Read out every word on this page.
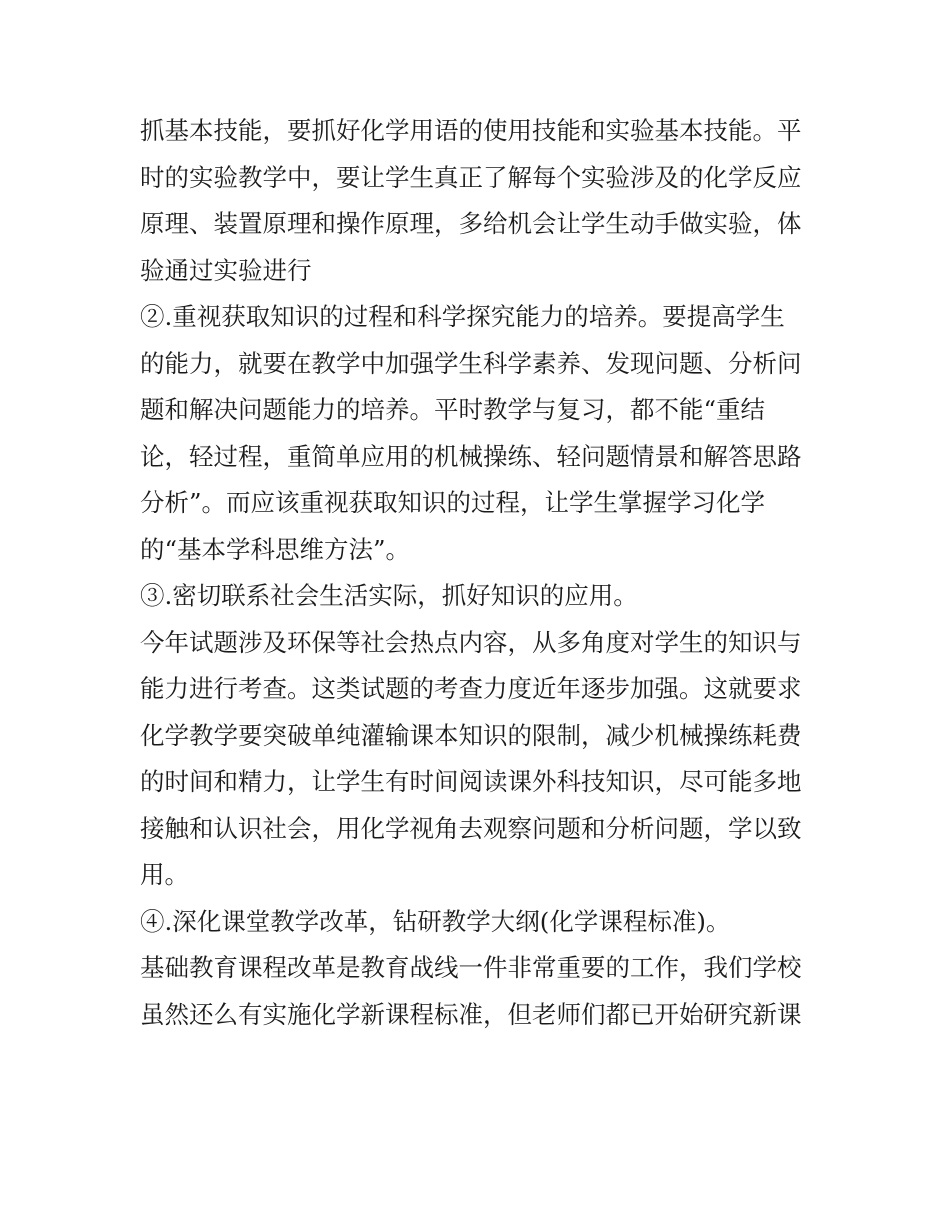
抓基本技能，要抓好化学用语的使用技能和实验基本技能。平
时的实验教学中，要让学生真正了解每个实验涉及的化学反应
原理、装置原理和操作原理，多给机会让学生动手做实验，体
验通过实验进行
②.重视获取知识的过程和科学探究能力的培养。要提高学生
的能力，就要在教学中加强学生科学素养、发现问题、分析问
题和解决问题能力的培养。平时教学与复习，都不能“重结
论，轻过程，重简单应用的机械操练、轻问题情景和解答思路
分析”。而应该重视获取知识的过程，让学生掌握学习化学
的“基本学科思维方法”。
③.密切联系社会生活实际，抓好知识的应用。
今年试题涉及环保等社会热点内容，从多角度对学生的知识与
能力进行考查。这类试题的考查力度近年逐步加强。这就要求
化学教学要突破单纯灌输课本知识的限制，减少机械操练耗费
的时间和精力，让学生有时间阅读课外科技知识，尽可能多地
接触和认识社会，用化学视角去观察问题和分析问题，学以致
用。
④.深化课堂教学改革，钻研教学大纲(化学课程标准)。
基础教育课程改革是教育战线一件非常重要的工作，我们学校
虽然还么有实施化学新课程标准，但老师们都已开始研究新课
